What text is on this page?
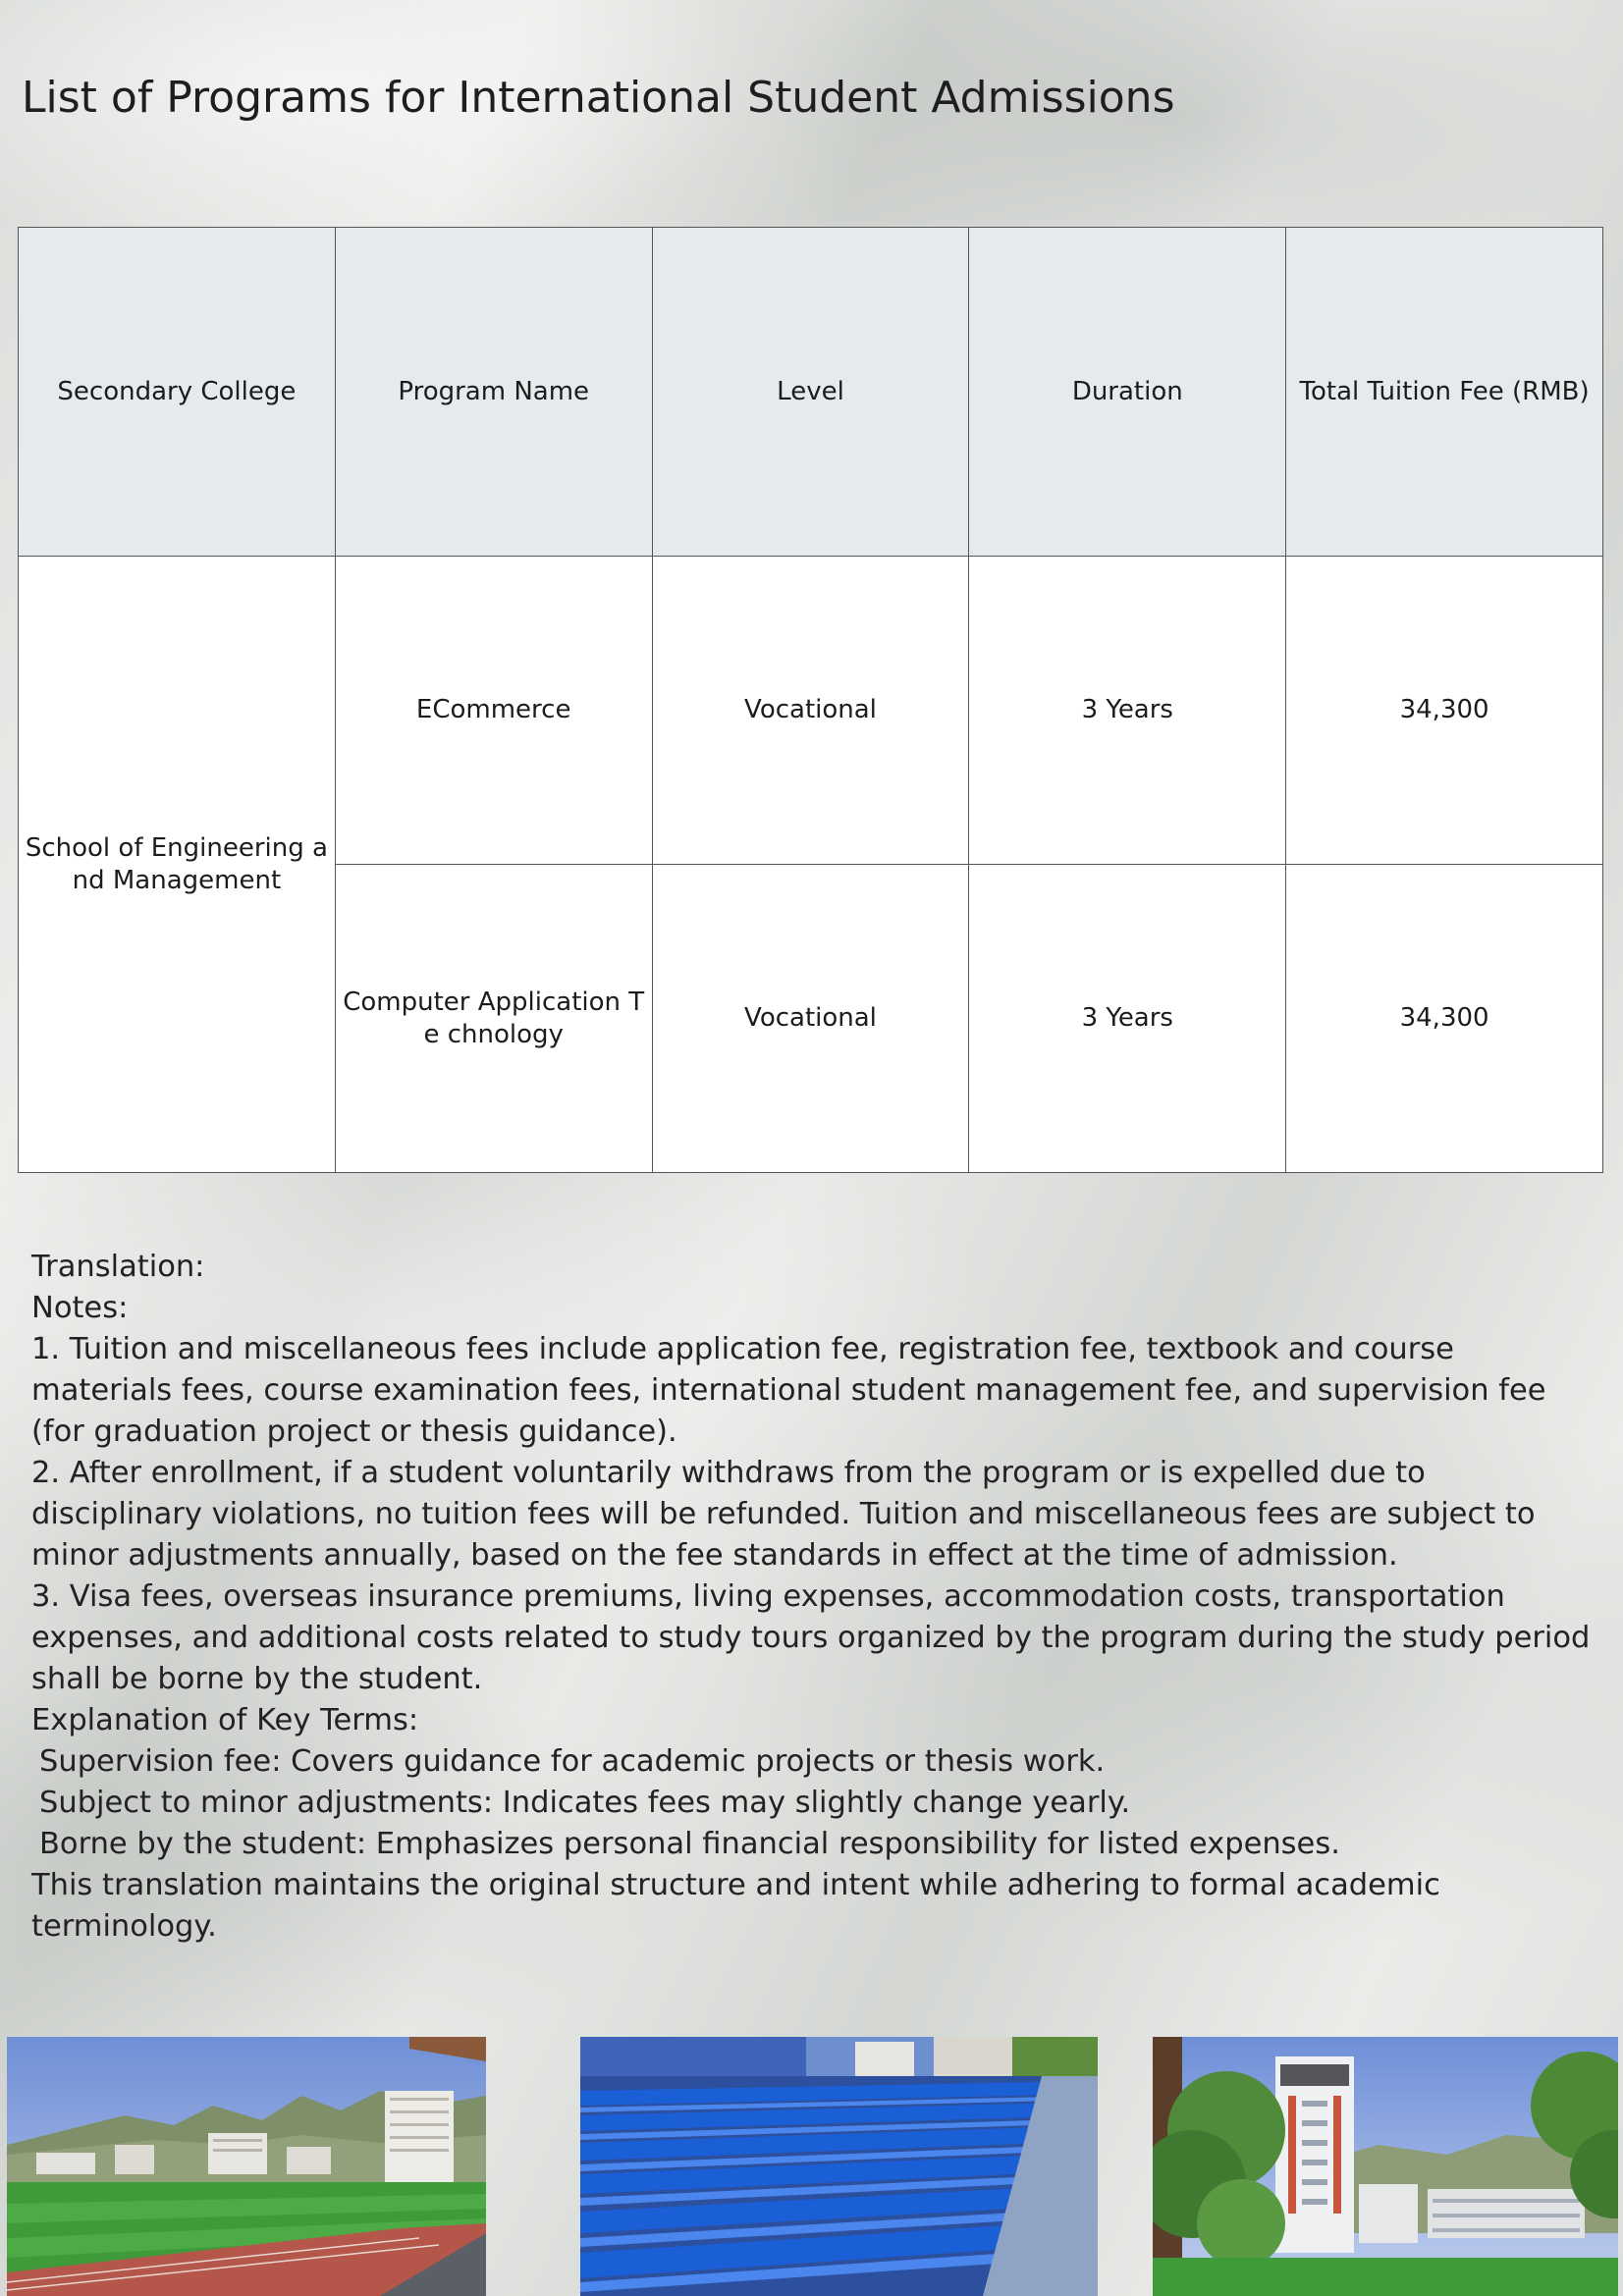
List of Programs for International Student Admissions
Secondary College	Program Name	Level	Duration	Total Tuition Fee (RMB)
School of Engineering a nd Management	ECommerce	Vocational	3 Years	34,300
	Computer Application Te chnology	Vocational	3 Years	34,300

Translation:

Notes:

1. Tuition and miscellaneous fees include application fee, registration fee, textbook and course materials fees, course examination fees, international student management fee, and supervision fee (for graduation project or thesis guidance).

2. After enrollment, if a student voluntarily withdraws from the program or is expelled due to disciplinary violations, no tuition fees will be refunded. Tuition and miscellaneous fees are subject to minor adjustments annually, based on the fee standards in effect at the time of admission.

3. Visa fees, overseas insurance premiums, living expenses, accommodation costs, transportation expenses, and additional costs related to study tours organized by the program during the study period shall be borne by the student.

Explanation of Key Terms:

Supervision fee: Covers guidance for academic projects or thesis work.

Subject to minor adjustments: Indicates fees may slightly change yearly.

Borne by the student: Emphasizes personal financial responsibility for listed expenses.

This translation maintains the original structure and intent while adhering to formal academic terminology.
